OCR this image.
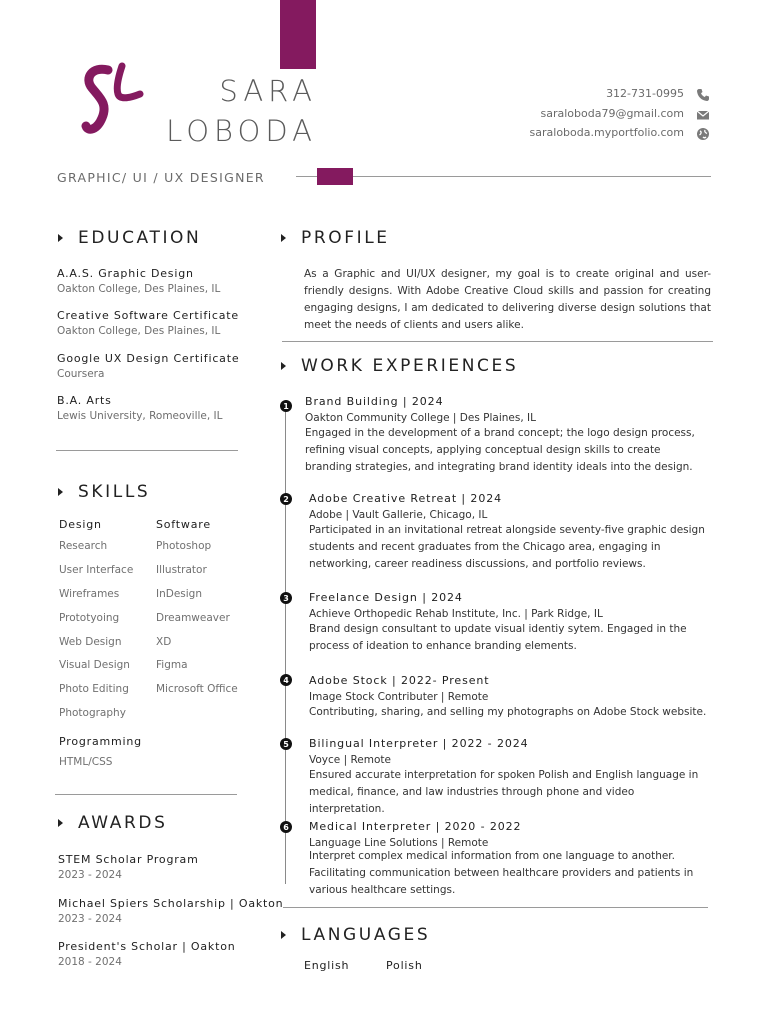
SARA
LOBODA
GRAPHIC/ UI / UX DESIGNER
312-731-0995
saraloboda79@gmail.com
saraloboda.myportfolio.com
EDUCATION
A.A.S. Graphic Design
Oakton College, Des Plaines, IL
Creative Software Certificate
Oakton College, Des Plaines, IL
Google UX Design Certificate
Coursera
B.A. Arts
Lewis University, Romeoville, IL
SKILLS
Design	Software
Research
User Interface
Wireframes
Prototyoing
Web Design
Visual Design
Photo Editing
Photography
Photoshop
Illustrator
InDesign
Dreamweaver
XD
Figma
Microsoft Office
Programming
HTML/CSS
AWARDS
STEM Scholar Program
2023 - 2024
Michael Spiers Scholarship | Oakton
2023 - 2024
President's Scholar | Oakton
2018 - 2024
PROFILE
As a Graphic and UI/UX designer, my goal is to create original and user-friendly designs. With Adobe Creative Cloud skills and passion for creating engaging designs, I am dedicated to delivering diverse design solutions that meet the needs of clients and users alike.
WORK EXPERIENCES
1 Brand Building | 2024
Oakton Community College | Des Plaines, IL
Engaged in the development of a brand concept; the logo design process, refining visual concepts, applying conceptual design skills to create branding strategies, and integrating brand identity ideals into the design.
2 Adobe Creative Retreat | 2024
Adobe | Vault Gallerie, Chicago, IL
Participated in an invitational retreat alongside seventy-five graphic design students and recent graduates from the Chicago area, engaging in networking, career readiness discussions, and portfolio reviews.
3 Freelance Design | 2024
Achieve Orthopedic Rehab Institute, Inc. | Park Ridge, IL
Brand design consultant to update visual identiy sytem. Engaged in the process of ideation to enhance branding elements.
4 Adobe Stock | 2022- Present
Image Stock Contributer | Remote
Contributing, sharing, and selling my photographs on Adobe Stock website.
5 Bilingual Interpreter | 2022 - 2024
Voyce | Remote
Ensured accurate interpretation for spoken Polish and English language in medical, finance, and law industries through phone and video interpretation.
6 Medical Interpreter | 2020 - 2022
Language Line Solutions | Remote
Interpret complex medical information from one language to another. Facilitating communication between healthcare providers and patients in various healthcare settings.
LANGUAGES
English	Polish
